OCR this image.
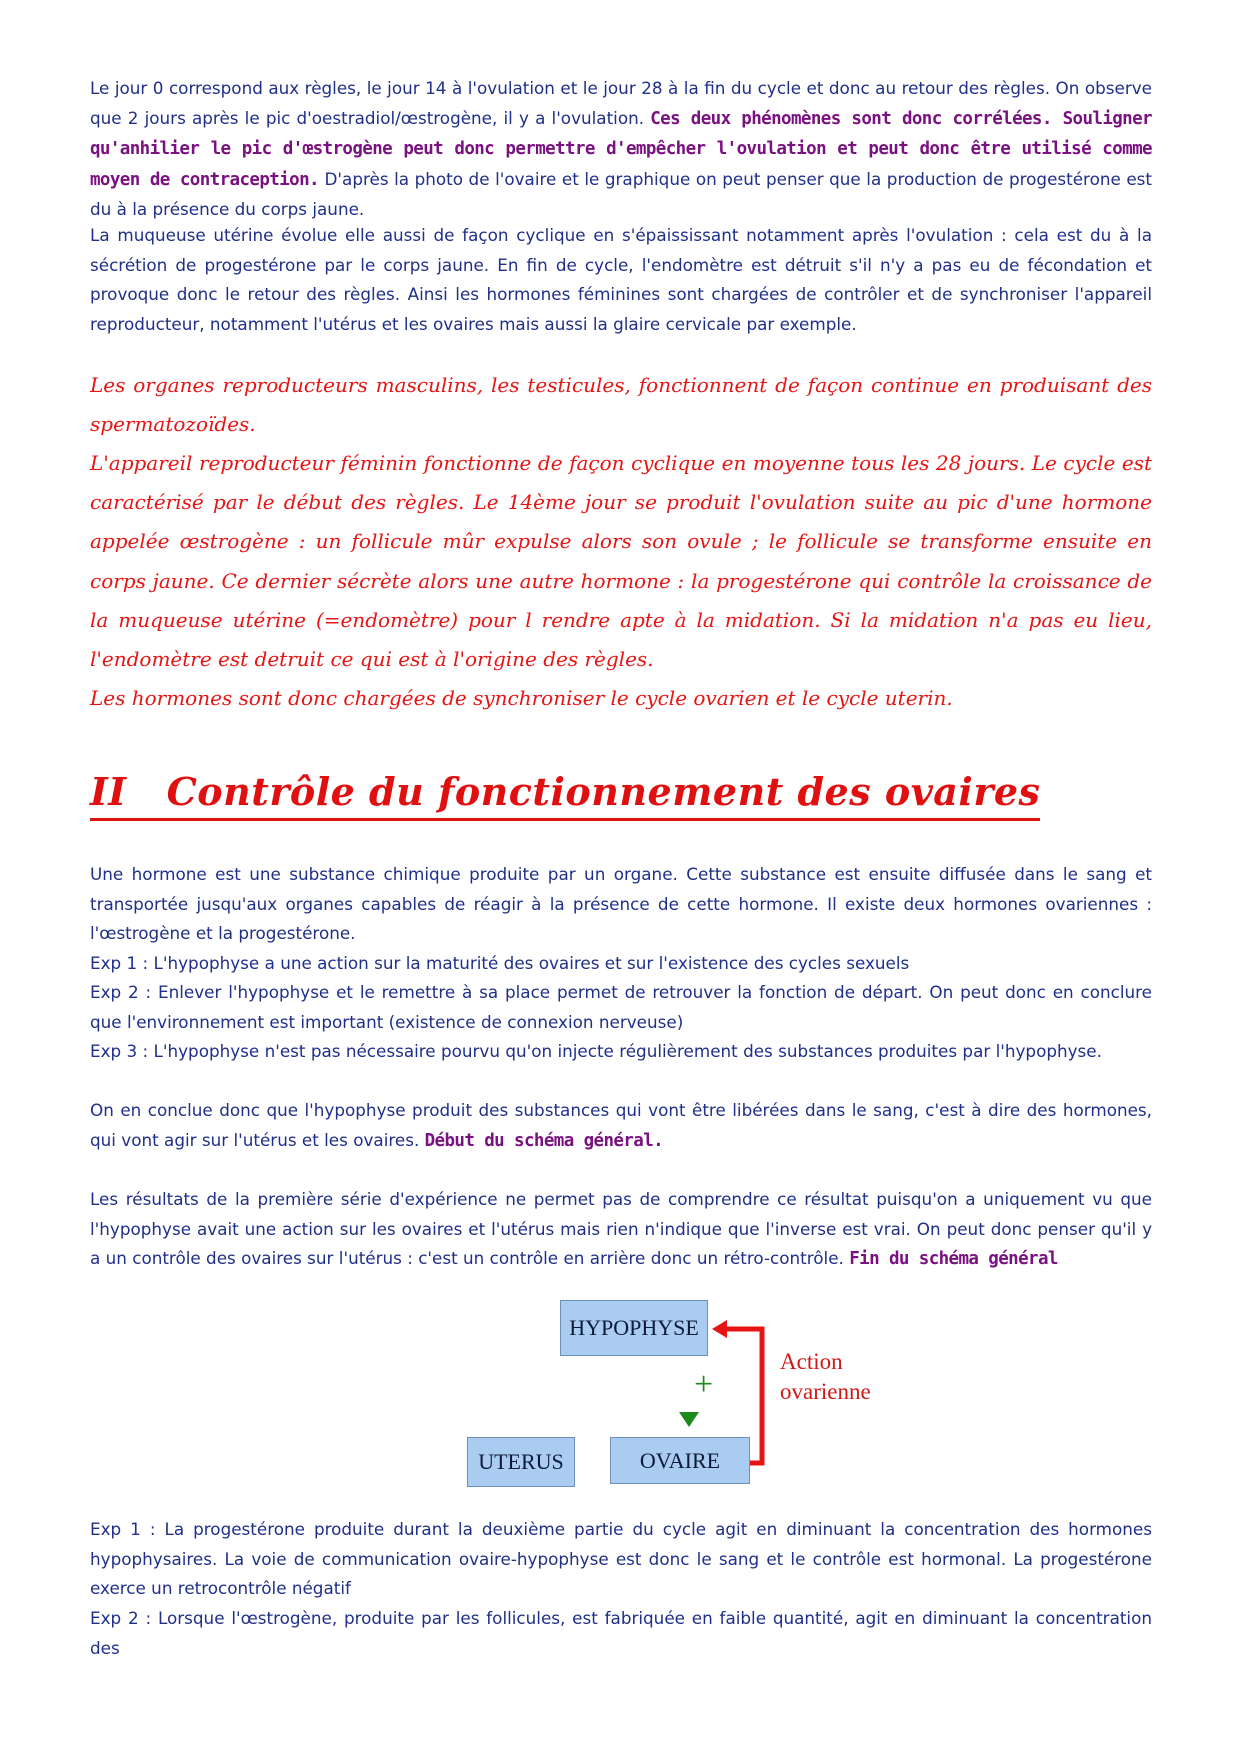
Le jour 0 correspond aux règles, le jour 14 à l'ovulation et le jour 28 à la fin du cycle et donc au retour des règles. On observe que 2 jours après le pic d'oestradiol/œstrogène, il y a l'ovulation. Ces deux phénomènes sont donc corrélées. Souligner qu'anhilier le pic d'œstrogène peut donc permettre d'empêcher l'ovulation et peut donc être utilisé comme moyen de contraception. D'après la photo de l'ovaire et le graphique on peut penser que la production de progestérone est du à la présence du corps jaune.

La muqueuse utérine évolue elle aussi de façon cyclique en s'épaississant notamment après l'ovulation : cela est du à la sécrétion de progestérone par le corps jaune. En fin de cycle, l'endomètre est détruit s'il n'y a pas eu de fécondation et provoque donc le retour des règles. Ainsi les hormones féminines sont chargées de contrôler et de synchroniser l'appareil reproducteur, notamment l'utérus et les ovaires mais aussi la glaire cervicale par exemple.

Les organes reproducteurs masculins, les testicules, fonctionnent de façon continue en produisant des spermatozoïdes.

L'appareil reproducteur féminin fonctionne de façon cyclique en moyenne tous les 28 jours. Le cycle est caractérisé par le début des règles. Le 14ème jour se produit l'ovulation suite au pic d'une hormone appelée œstrogène : un follicule mûr expulse alors son ovule ; le follicule se transforme ensuite en corps jaune. Ce dernier sécrète alors une autre hormone : la progestérone qui contrôle la croissance de la muqueuse utérine (=endomètre) pour l rendre apte à la midation. Si la midation n'a pas eu lieu, l'endomètre est detruit ce qui est à l'origine des règles.

Les hormones sont donc chargées de synchroniser le cycle ovarien et le cycle uterin.

II Contrôle du fonctionnement des ovaires

Une hormone est une substance chimique produite par un organe. Cette substance est ensuite diffusée dans le sang et transportée jusqu'aux organes capables de réagir à la présence de cette hormone. Il existe deux hormones ovariennes : l'œstrogène et la progestérone.

Exp 1 : L'hypophyse a une action sur la maturité des ovaires et sur l'existence des cycles sexuels

Exp 2 : Enlever l'hypophyse et le remettre à sa place permet de retrouver la fonction de départ. On peut donc en conclure que l'environnement est important (existence de connexion nerveuse)

Exp 3 : L'hypophyse n'est pas nécessaire pourvu qu'on injecte régulièrement des substances produites par l'hypophyse.

On en conclue donc que l'hypophyse produit des substances qui vont être libérées dans le sang, c'est à dire des hormones, qui vont agir sur l'utérus et les ovaires. Début du schéma général.

Les résultats de la première série d'expérience ne permet pas de comprendre ce résultat puisqu'on a uniquement vu que l'hypophyse avait une action sur les ovaires et l'utérus mais rien n'indique que l'inverse est vrai. On peut donc penser qu'il y a un contrôle des ovaires sur l'utérus : c'est un contrôle en arrière donc un rétro-contrôle. Fin du schéma général

HYPOPHYSE
OVAIRE
UTERUS
+
Action
ovarienne

Exp 1 : La progestérone produite durant la deuxième partie du cycle agit en diminuant la concentration des hormones hypophysaires. La voie de communication ovaire-hypophyse est donc le sang et le contrôle est hormonal. La progestérone exerce un retrocontrôle négatif

Exp 2 : Lorsque l'œstrogène, produite par les follicules, est fabriquée en faible quantité, agit en diminuant la concentration des
